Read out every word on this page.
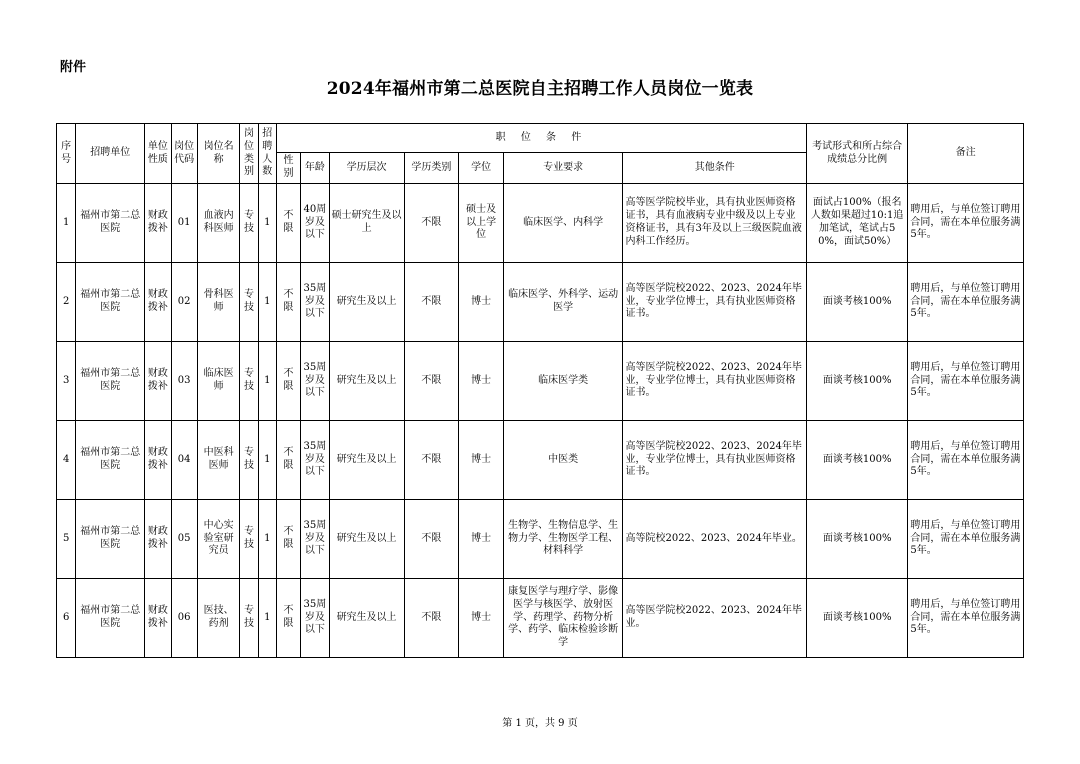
附件
2024年福州市第二总医院自主招聘工作人员岗位一览表
序号	招聘单位	单位性质	岗位代码	岗位名称	岗位类别	招聘人数	职 位 条 件							考试形式和所占综合成绩总分比例	备注
							性别	年龄	学历层次	学历类别	学位	专业要求	其他条件		
1	福州市第二总医院	财政拨补	01	血液内科医师	专技	1	不限	40周岁及以下	硕士研究生及以上	不限	硕士及以上学位	临床医学、内科学	高等医学院校毕业，具有执业医师资格证书，具有血液病专业中级及以上专业资格证书，具有3年及以上三级医院血液内科工作经历。	面试占100%（报名人数如果超过10:1追加笔试，笔试占50%，面试50%）	聘用后，与单位签订聘用合同，需在本单位服务满5年。
2	福州市第二总医院	财政拨补	02	骨科医师	专技	1	不限	35周岁及以下	研究生及以上	不限	博士	临床医学、外科学、运动医学	高等医学院校2022、2023、2024年毕业，专业学位博士，具有执业医师资格证书。	面谈考核100%	聘用后，与单位签订聘用合同，需在本单位服务满5年。
3	福州市第二总医院	财政拨补	03	临床医师	专技	1	不限	35周岁及以下	研究生及以上	不限	博士	临床医学类	高等医学院校2022、2023、2024年毕业，专业学位博士，具有执业医师资格证书。	面谈考核100%	聘用后，与单位签订聘用合同，需在本单位服务满5年。
4	福州市第二总医院	财政拨补	04	中医科医师	专技	1	不限	35周岁及以下	研究生及以上	不限	博士	中医类	高等医学院校2022、2023、2024年毕业，专业学位博士，具有执业医师资格证书。	面谈考核100%	聘用后，与单位签订聘用合同，需在本单位服务满5年。
5	福州市第二总医院	财政拨补	05	中心实验室研究员	专技	1	不限	35周岁及以下	研究生及以上	不限	博士	生物学、生物信息学、生物力学、生物医学工程、材料科学	高等院校2022、2023、2024年毕业。	面谈考核100%	聘用后，与单位签订聘用合同，需在本单位服务满5年。
6	福州市第二总医院	财政拨补	06	医技、药剂	专技	1	不限	35周岁及以下	研究生及以上	不限	博士	康复医学与理疗学、影像医学与核医学、放射医学、药理学、药物分析学、药学、临床检验诊断学	高等医学院校2022、2023、2024年毕业。	面谈考核100%	聘用后，与单位签订聘用合同，需在本单位服务满5年。
第 1 页，共 9 页
